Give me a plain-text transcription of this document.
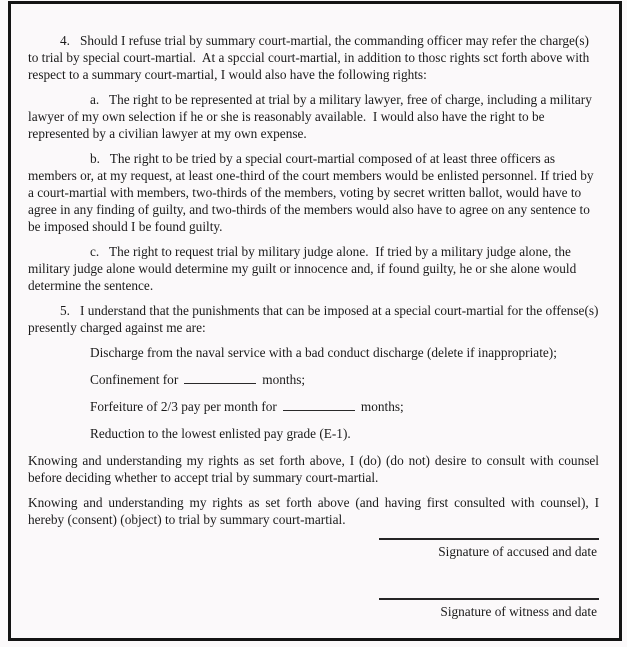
4.   Should I refuse trial by summary court-martial, the commanding officer may refer the charge(s) to trial by special court-martial.  At a spccial court-martial, in addition to thosc rights sct forth above with respect to a summary court-martial, I would also have the following rights:

a.   The right to be represented at trial by a military lawyer, free of charge, including a military lawyer of my own selection if he or she is reasonably available.  I would also have the right to be represented by a civilian lawyer at my own expense.

b.   The right to be tried by a special court-martial composed of at least three officers as members or, at my request, at least one-third of the court members would be enlisted personnel. If tried by a court-martial with members, two-thirds of the members, voting by secret written ballot, would have to agree in any finding of guilty, and two-thirds of the members would also have to agree on any sentence to be imposed should I be found guilty.

c.   The right to request trial by military judge alone.  If tried by a military judge alone, the military judge alone would determine my guilt or innocence and, if found guilty, he or she alone would determine the sentence.

5.   I understand that the punishments that can be imposed at a special court-martial for the offense(s) presently charged against me are:

Discharge from the naval service with a bad conduct discharge (delete if inappropriate);

Confinement for	months;

Forfeiture of 2/3 pay per month for	months;

Reduction to the lowest enlisted pay grade (E-1).

Knowing and understanding my rights as set forth above, I (do) (do not) desire to consult with counsel before deciding whether to accept trial by summary court-martial.

Knowing and understanding my rights as set forth above (and having first consulted with counsel), I hereby (consent) (object) to trial by summary court-martial.

Signature of accused and date
Signature of witness and date
